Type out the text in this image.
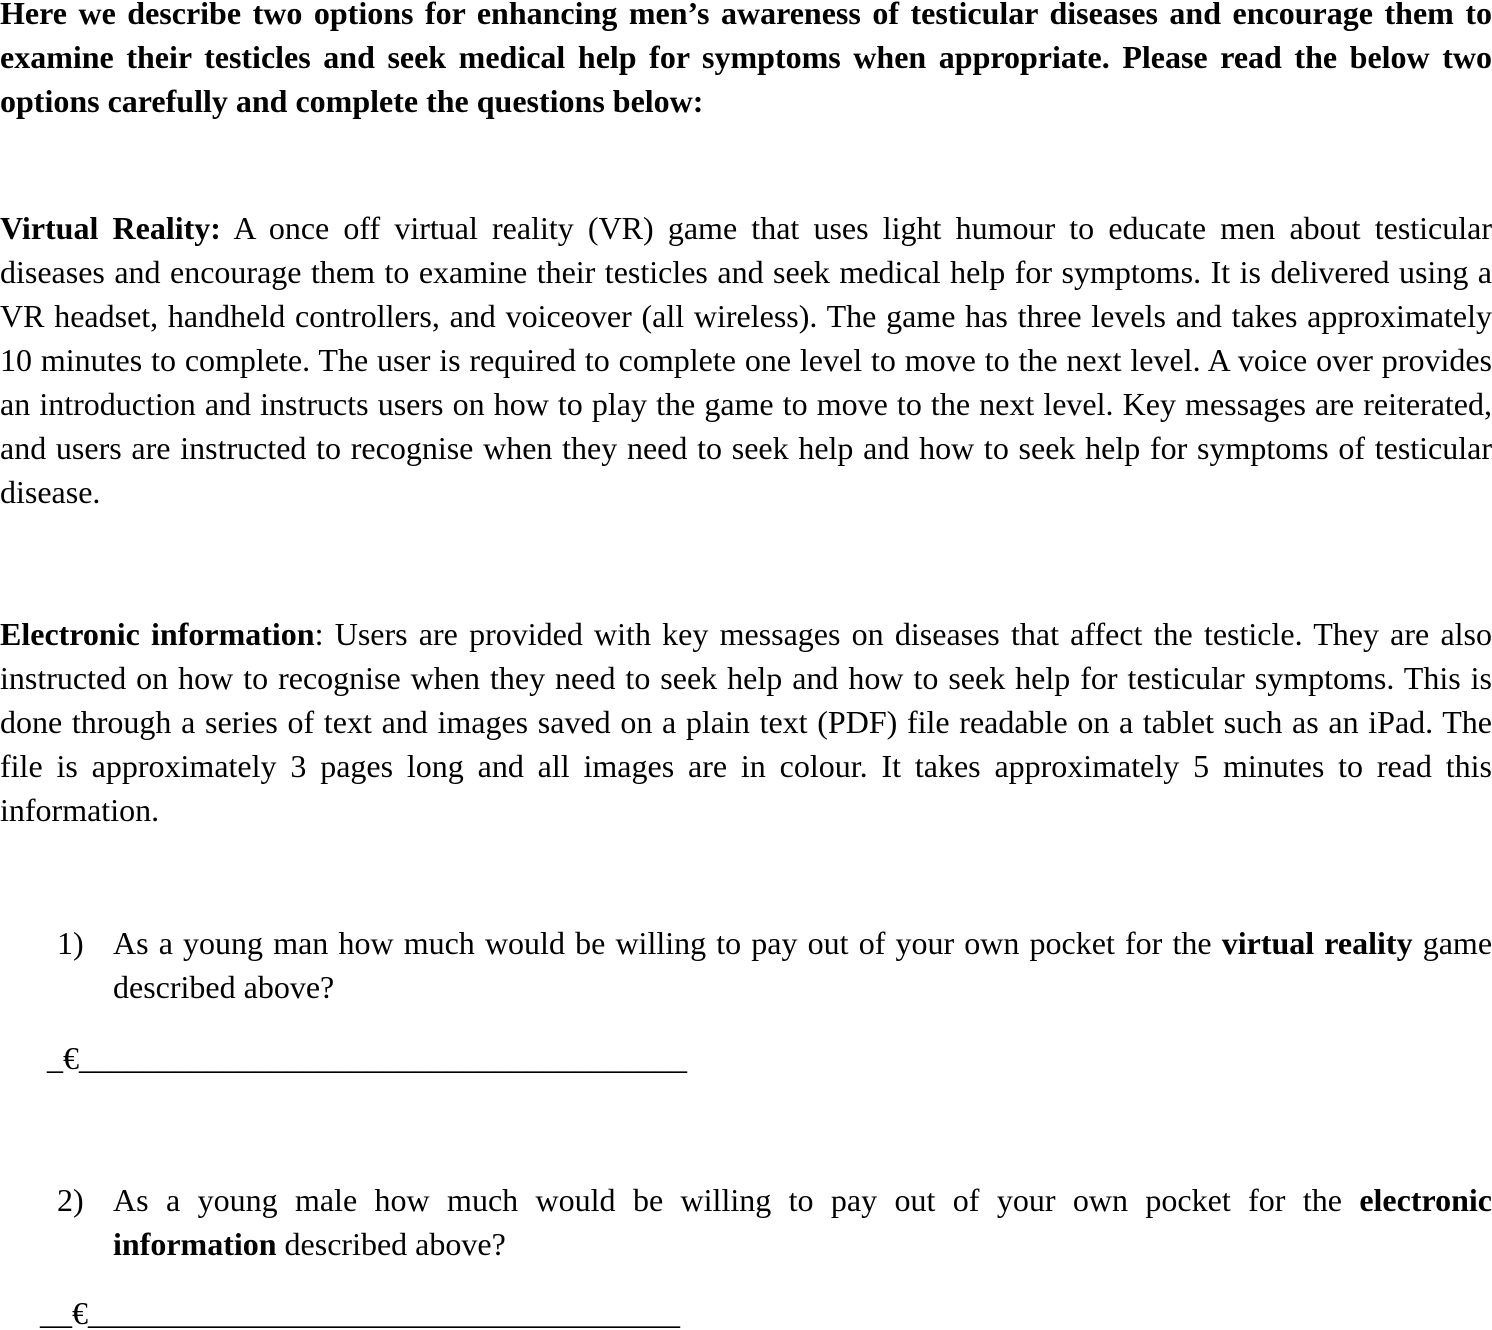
Here we describe two options for enhancing men’s awareness of testicular diseases and encourage them to examine their testicles and seek medical help for symptoms when appropriate. Please read the below two options carefully and complete the questions below:

Virtual Reality: A once off virtual reality (VR) game that uses light humour to educate men about testicular diseases and encourage them to examine their testicles and seek medical help for symptoms. It is delivered using a VR headset, handheld controllers, and voiceover (all wireless). The game has three levels and takes approximately 10 minutes to complete. The user is required to complete one level to move to the next level. A voice over provides an introduction and instructs users on how to play the game to move to the next level. Key messages are reiterated, and users are instructed to recognise when they need to seek help and how to seek help for symptoms of testicular disease.

Electronic information: Users are provided with key messages on diseases that affect the testicle. They are also instructed on how to recognise when they need to seek help and how to seek help for testicular symptoms. This is done through a series of text and images saved on a plain text (PDF) file readable on a tablet such as an iPad. The file is approximately 3 pages long and all images are in colour. It takes approximately 5 minutes to read this information.

1) As a young man how much would be willing to pay out of your own pocket for the virtual reality game described above?

_€______________________________________
2) As a young male how much would be willing to pay out of your own pocket for the electronic information described above?

__€_____________________________________
